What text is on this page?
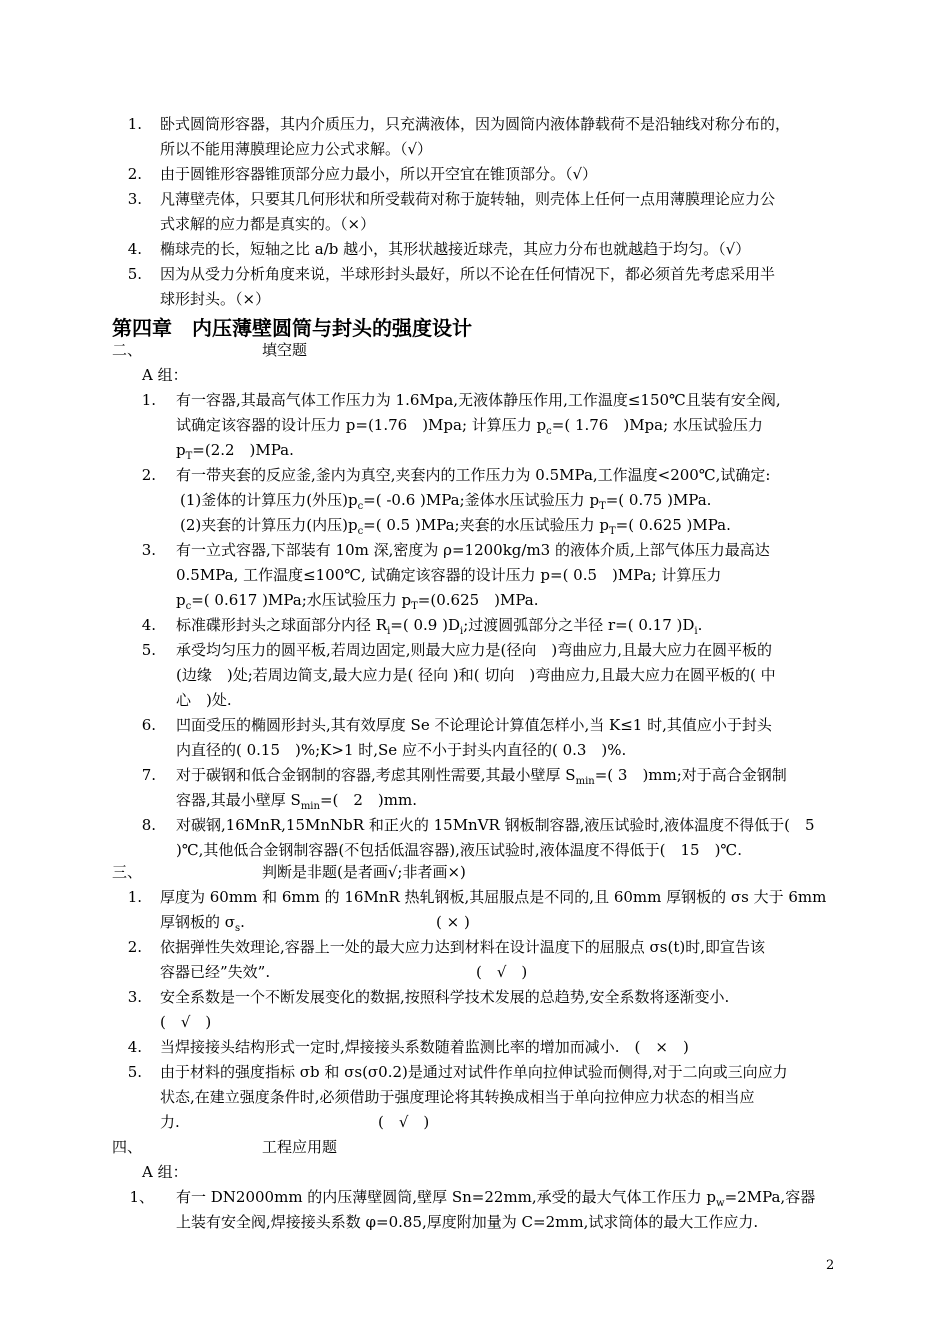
1. 卧式圆筒形容器，其内介质压力，只充满液体，因为圆筒内液体静载荷不是沿轴线对称分布的，
所以不能用薄膜理论应力公式求解。（√）
2. 由于圆锥形容器锥顶部分应力最小，所以开空宜在锥顶部分。（√）
3. 凡薄壁壳体，只要其几何形状和所受载荷对称于旋转轴，则壳体上任何一点用薄膜理论应力公
式求解的应力都是真实的。（×）
4. 椭球壳的长，短轴之比 a/b 越小，其形状越接近球壳，其应力分布也就越趋于均匀。（√）
5. 因为从受力分析角度来说，半球形封头最好，所以不论在任何情况下，都必须首先考虑采用半
球形封头。（×）
第四章　内压薄壁圆筒与封头的强度设计
二、	填空题
A 组：
1. 有一容器,其最高气体工作压力为 1.6Mpa,无液体静压作用,工作温度≤150℃且装有安全阀,
试确定该容器的设计压力 p=(1.76　)Mpa; 计算压力 $p_c=$( 1.76　)Mpa; 水压试验压力
$p_T=(2.2$　)MPa.
2. 有一带夹套的反应釜,釜内为真空,夹套内的工作压力为 0.5MPa,工作温度<200℃,试确定:
(1)釜体的计算压力(外压)$p_c=$( -0.6 )MPa;釜体水压试验压力 $p_T=$( 0.75 )MPa.
(2)夹套的计算压力(内压)$p_c=$( 0.5 )MPa;夹套的水压试验压力 $p_T=$( 0.625 )MPa.
3. 有一立式容器,下部装有 10m 深,密度为 ρ=1200kg/m3 的液体介质,上部气体压力最高达
0.5MPa, 工作温度≤100℃, 试确定该容器的设计压力 p=( 0.5　)MPa; 计算压力
$p_c=$( 0.617 )MPa;水压试验压力 $p_T=(0.625$　)MPa.
4. 标准碟形封头之球面部分内径 $R_i=$( 0.9 )$D_i$;过渡圆弧部分之半径 r=( 0.17 )$D_i$.
5. 承受均匀压力的圆平板,若周边固定,则最大应力是(径向　)弯曲应力,且最大应力在圆平板的
(边缘　)处;若周边简支,最大应力是( 径向 )和( 切向　)弯曲应力,且最大应力在圆平板的( 中
心　)处.
6. 凹面受压的椭圆形封头,其有效厚度 Se 不论理论计算值怎样小,当 K≤1 时,其值应小于封头
内直径的( 0.15　)%;K>1 时,Se 应不小于封头内直径的( 0.3　)%.
7. 对于碳钢和低合金钢制的容器,考虑其刚性需要,其最小壁厚 $S_{min}=$( 3　)mm;对于高合金钢制
容器,其最小壁厚 $S_{min}=$(　2　)mm.
8. 对碳钢,16MnR,15MnNbR 和正火的 15MnVR 钢板制容器,液压试验时,液体温度不得低于(　5
)℃,其他低合金钢制容器(不包括低温容器),液压试验时,液体温度不得低于(　15　)℃.
三、	判断是非题(是者画√;非者画×)
1. 厚度为 60mm 和 6mm 的 16MnR 热轧钢板,其屈服点是不同的,且 60mm 厚钢板的 σs 大于 6mm
厚钢板的 $\sigma_s$.	( × )
2. 依据弹性失效理论,容器上一处的最大应力达到材料在设计温度下的屈服点 σs(t)时,即宣告该
容器已经”失效”.	(　√　)
3. 安全系数是一个不断发展变化的数据,按照科学技术发展的总趋势,安全系数将逐渐变小.
(　√　)
4. 当焊接接头结构形式一定时,焊接接头系数随着监测比率的增加而减小.　(　×　)
5. 由于材料的强度指标 σb 和 σs(σ0.2)是通过对试件作单向拉伸试验而侧得,对于二向或三向应力
状态,在建立强度条件时,必须借助于强度理论将其转换成相当于单向拉伸应力状态的相当应
力.	(　√　)
四、	工程应用题
A 组：
1、 有一 DN2000mm 的内压薄壁圆筒,壁厚 Sn=22mm,承受的最大气体工作压力 $p_w=2MPa$,容器
上装有安全阀,焊接接头系数 φ=0.85,厚度附加量为 C=2mm,试求筒体的最大工作应力.
2
